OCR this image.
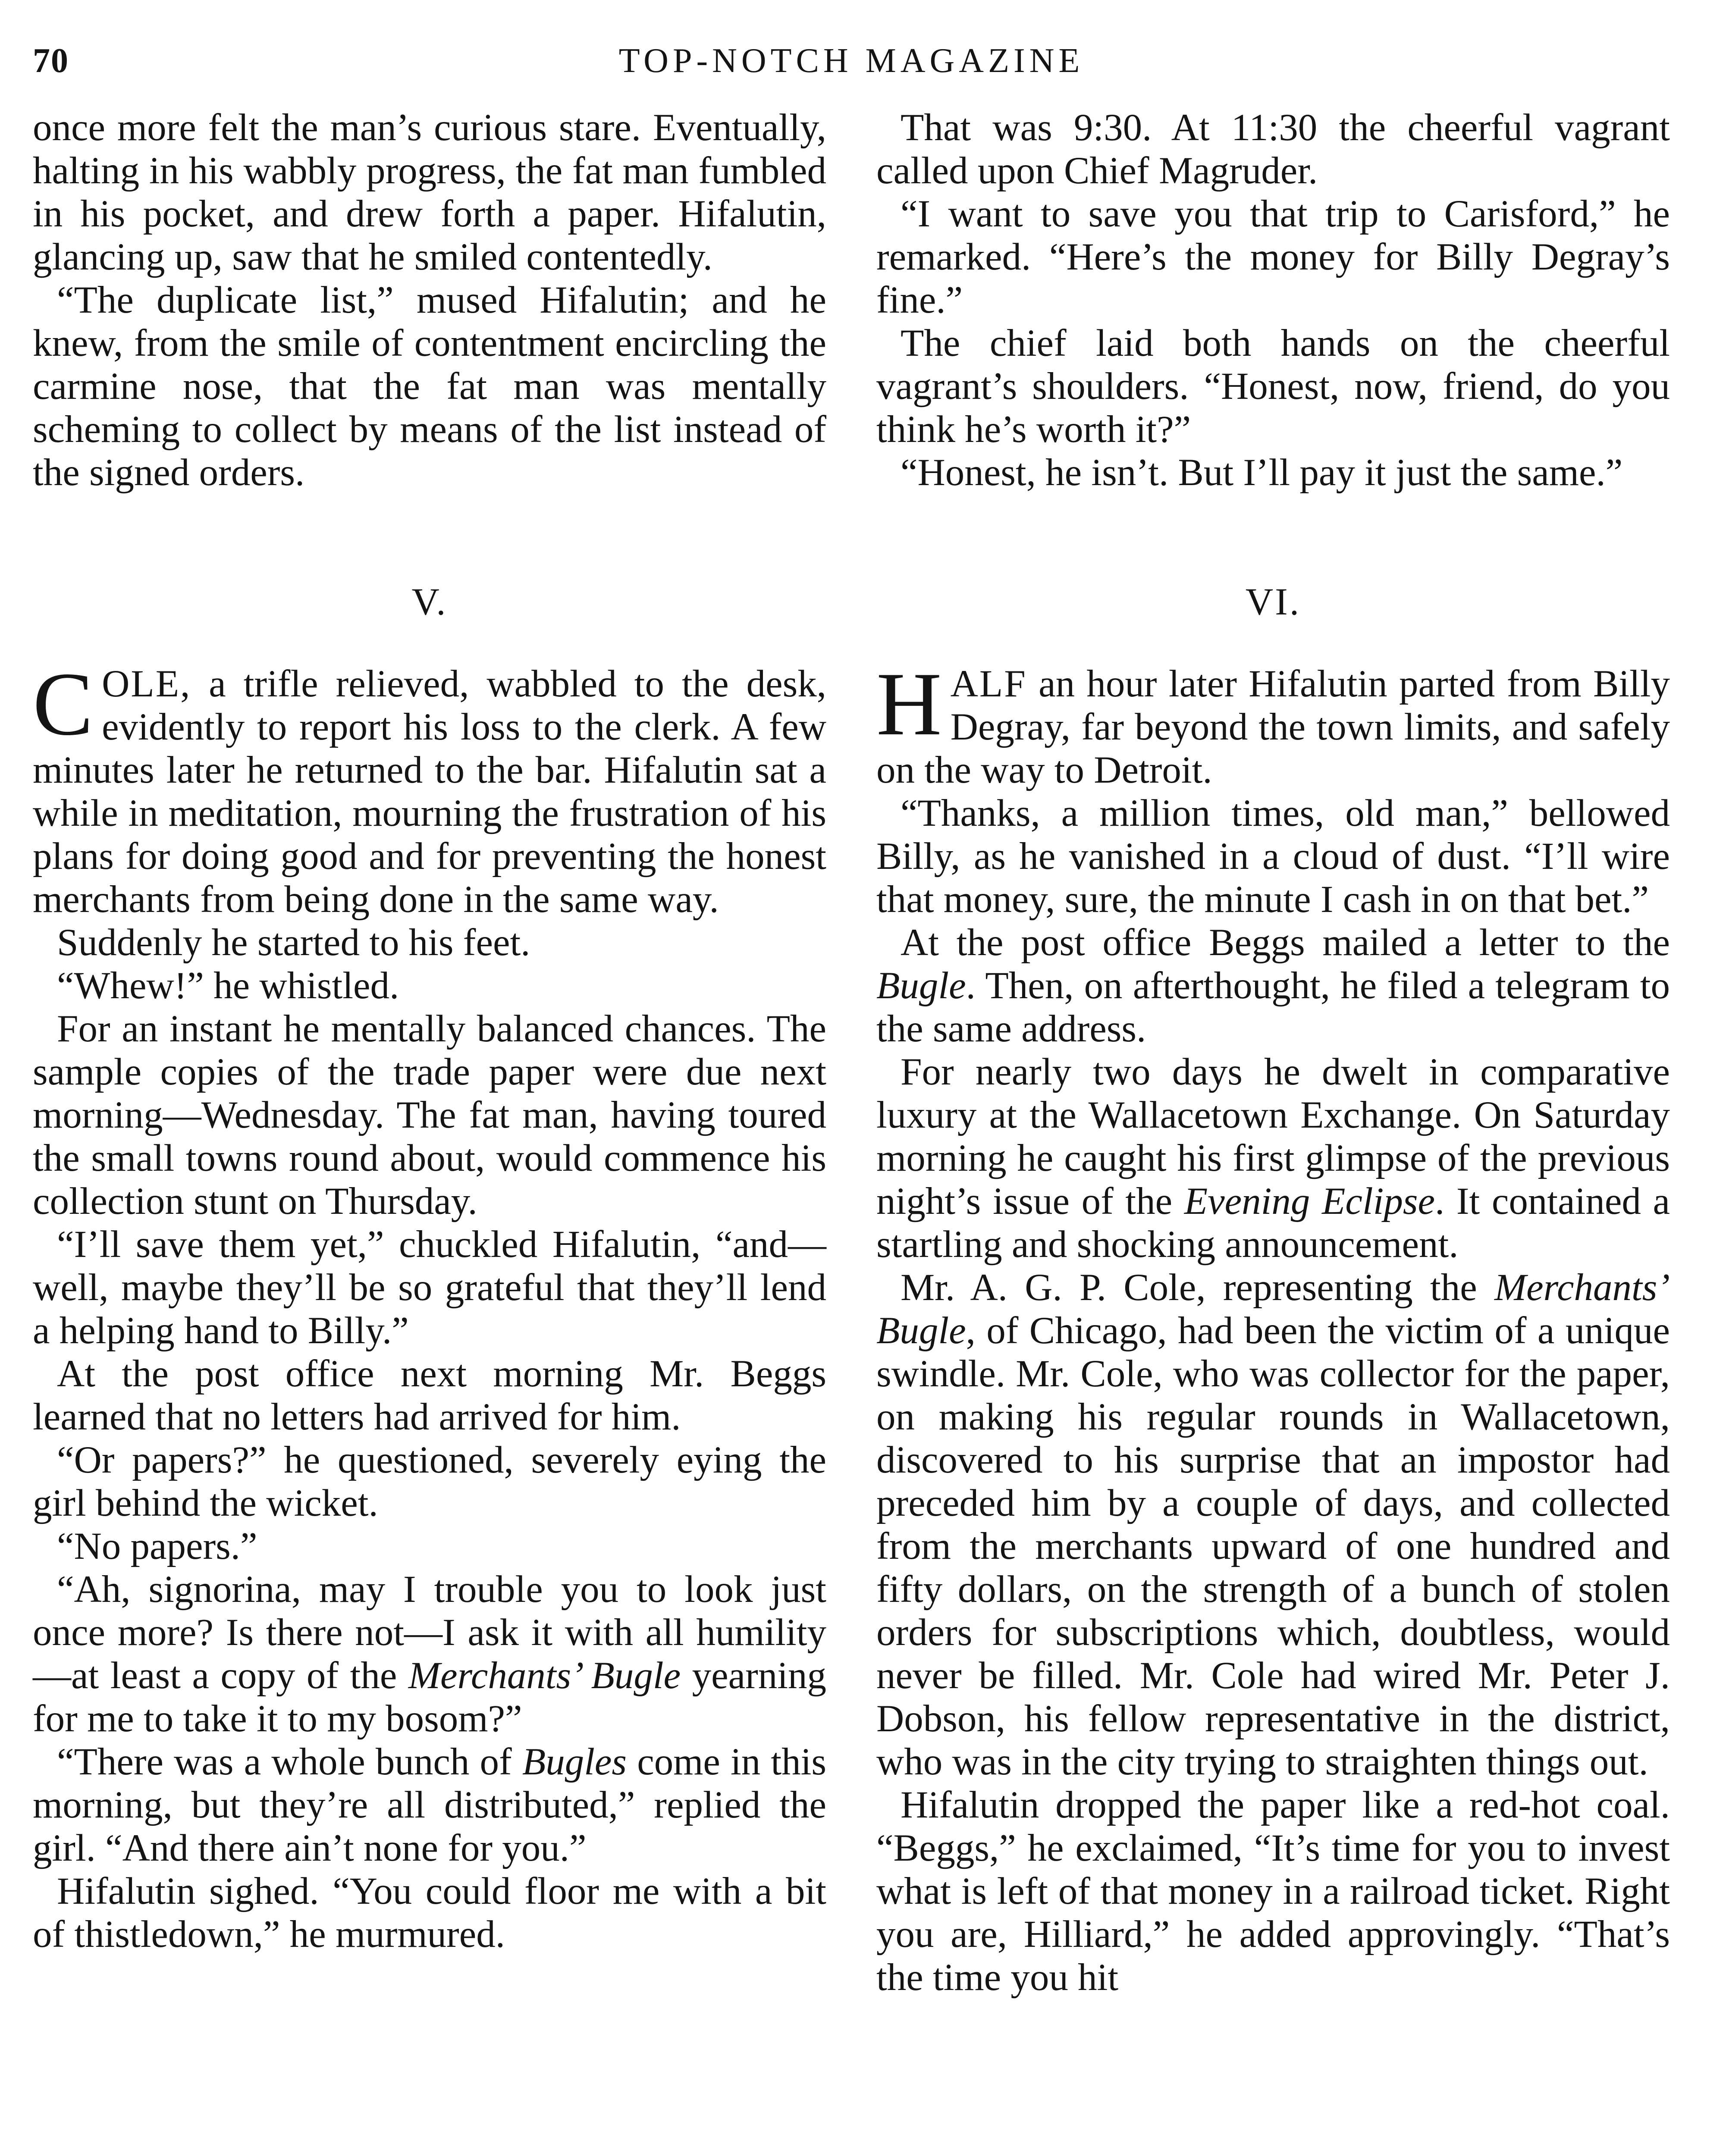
70	TOP-NOTCH MAGAZINE

once more felt the man’s curious stare. Eventually, halting in his wabbly progress, the fat man fumbled in his pocket, and drew forth a paper. Hifalutin, glancing up, saw that he smiled contentedly.

“The duplicate list,” mused Hifalutin; and he knew, from the smile of contentment encircling the carmine nose, that the fat man was mentally scheming to collect by means of the list instead of the signed orders.

V.

COLE, a trifle relieved, wabbled to the desk, evidently to report his loss to the clerk. A few minutes later he returned to the bar. Hifalutin sat a while in meditation, mourning the frustration of his plans for doing good and for preventing the honest merchants from being done in the same way.

Suddenly he started to his feet.

“Whew!” he whistled.

For an instant he mentally balanced chances. The sample copies of the trade paper were due next morning—Wednesday. The fat man, having toured the small towns round about, would commence his collection stunt on Thursday.

“I’ll save them yet,” chuckled Hifalutin, “and—well, maybe they’ll be so grateful that they’ll lend a helping hand to Billy.”

At the post office next morning Mr. Beggs learned that no letters had arrived for him.

“Or papers?” he questioned, severely eying the girl behind the wicket.

“No papers.”

“Ah, signorina, may I trouble you to look just once more? Is there not—I ask it with all humility—at least a copy of the Merchants’ Bugle yearning for me to take it to my bosom?”

“There was a whole bunch of Bugles come in this morning, but they’re all distributed,” replied the girl. “And there ain’t none for you.”

Hifalutin sighed. “You could floor me with a bit of thistledown,” he murmured.

That was 9:30. At 11:30 the cheerful vagrant called upon Chief Magruder.

“I want to save you that trip to Carisford,” he remarked. “Here’s the money for Billy Degray’s fine.”

The chief laid both hands on the cheerful vagrant’s shoulders. “Honest, now, friend, do you think he’s worth it?”

“Honest, he isn’t. But I’ll pay it just the same.”

VI.

HALF an hour later Hifalutin parted from Billy Degray, far beyond the town limits, and safely on the way to Detroit.

“Thanks, a million times, old man,” bellowed Billy, as he vanished in a cloud of dust. “I’ll wire that money, sure, the minute I cash in on that bet.”

At the post office Beggs mailed a letter to the Bugle. Then, on afterthought, he filed a telegram to the same address.

For nearly two days he dwelt in comparative luxury at the Wallacetown Exchange. On Saturday morning he caught his first glimpse of the previous night’s issue of the Evening Eclipse. It contained a startling and shocking announcement.

Mr. A. G. P. Cole, representing the Merchants’ Bugle, of Chicago, had been the victim of a unique swindle. Mr. Cole, who was collector for the paper, on making his regular rounds in Wallacetown, discovered to his surprise that an impostor had preceded him by a couple of days, and collected from the merchants upward of one hundred and fifty dollars, on the strength of a bunch of stolen orders for subscriptions which, doubtless, would never be filled. Mr. Cole had wired Mr. Peter J. Dobson, his fellow representative in the district, who was in the city trying to straighten things out.

Hifalutin dropped the paper like a red-hot coal. “Beggs,” he exclaimed, “It’s time for you to invest what is left of that money in a railroad ticket. Right you are, Hilliard,” he added approvingly. “That’s the time you hit
